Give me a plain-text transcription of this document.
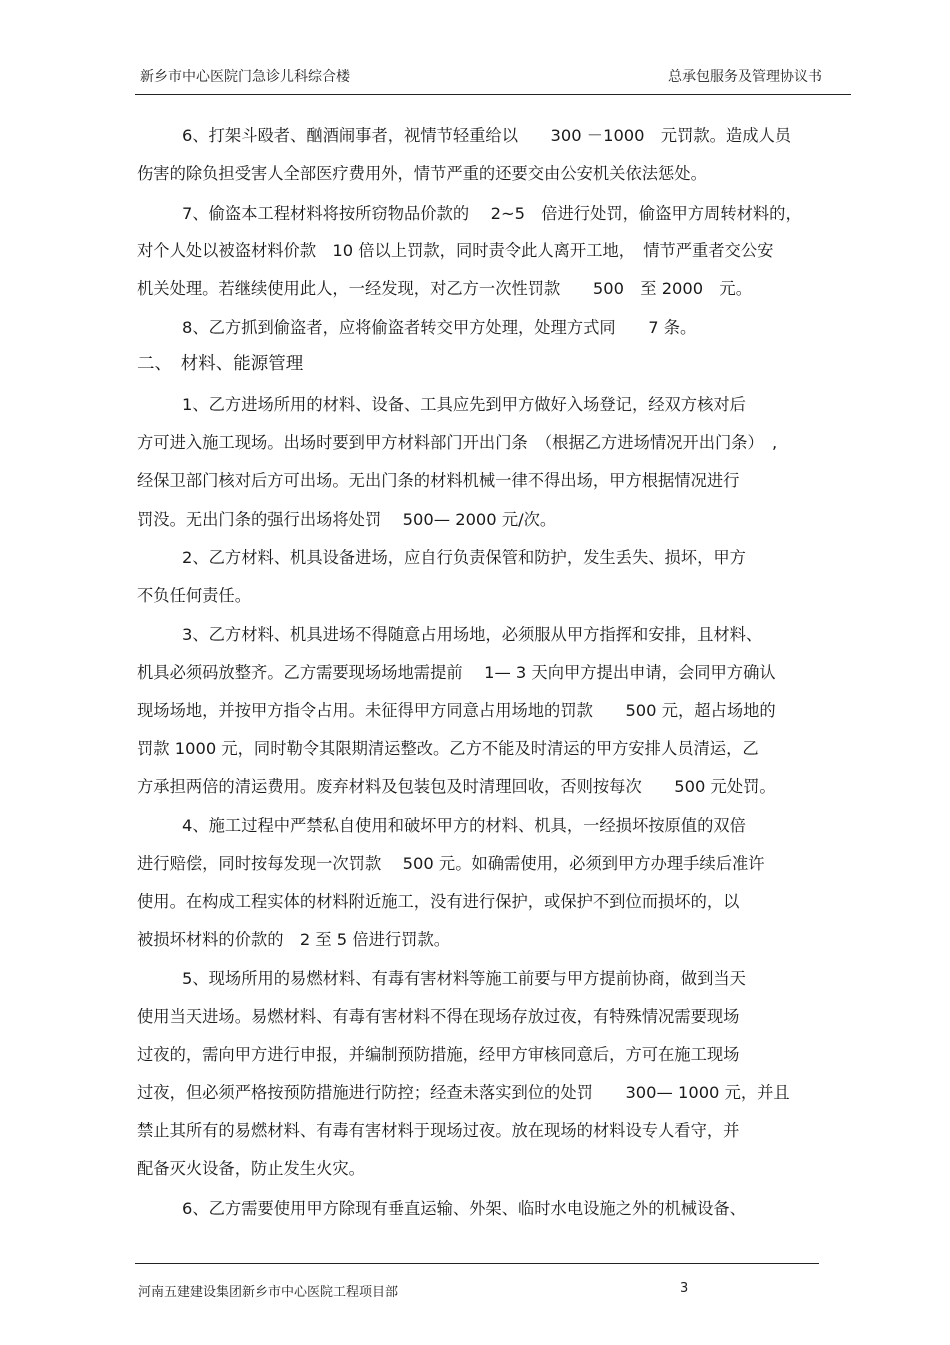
新乡市中心医院门急诊儿科综合楼	总承包服务及管理协议书

6、打架斗殴者、酗酒闹事者，视情节轻重给以　　300 －1000　元罚款。造成人员

伤害的除负担受害人全部医疗费用外，情节严重的还要交由公安机关依法惩处。

7、偷盗本工程材料将按所窃物品价款的　 2~5　倍进行处罚，偷盗甲方周转材料的，

对个人处以被盗材料价款　10 倍以上罚款，同时责令此人离开工地，　情节严重者交公安

机关处理。若继续使用此人，一经发现，对乙方一次性罚款　　500　至 2000　元。

8、乙方抓到偷盗者，应将偷盗者转交甲方处理，处理方式同　　7 条。

二、　材料、能源管理

1、乙方进场所用的材料、设备、工具应先到甲方做好入场登记，经双方核对后

方可进入施工现场。出场时要到甲方材料部门开出门条　（根据乙方进场情况开出门条）　,

经保卫部门核对后方可出场。无出门条的材料机械一律不得出场，甲方根据情况进行

罚没。无出门条的强行出场将处罚　 500— 2000 元/次。

2、乙方材料、机具设备进场，应自行负责保管和防护，发生丢失、损坏，甲方

不负任何责任。

3、乙方材料、机具进场不得随意占用场地，必须服从甲方指挥和安排，且材料、

机具必须码放整齐。乙方需要现场场地需提前　 1— 3 天向甲方提出申请，会同甲方确认

现场场地，并按甲方指令占用。未征得甲方同意占用场地的罚款　　500 元，超占场地的

罚款 1000 元，同时勒令其限期清运整改。乙方不能及时清运的甲方安排人员清运，乙

方承担两倍的清运费用。废弃材料及包装包及时清理回收，否则按每次　　500 元处罚。

4、施工过程中严禁私自使用和破坏甲方的材料、机具，一经损坏按原值的双倍

进行赔偿，同时按每发现一次罚款　 500 元。如确需使用，必须到甲方办理手续后准许

使用。在构成工程实体的材料附近施工，没有进行保护，或保护不到位而损坏的，以

被损坏材料的价款的　2 至 5 倍进行罚款。

5、现场所用的易燃材料、有毒有害材料等施工前要与甲方提前协商，做到当天

使用当天进场。易燃材料、有毒有害材料不得在现场存放过夜，有特殊情况需要现场

过夜的，需向甲方进行申报，并编制预防措施，经甲方审核同意后，方可在施工现场

过夜，但必须严格按预防措施进行防控；经查未落实到位的处罚　　300— 1000 元，并且

禁止其所有的易燃材料、有毒有害材料于现场过夜。放在现场的材料设专人看守，并

配备灭火设备，防止发生火灾。

6、乙方需要使用甲方除现有垂直运输、外架、临时水电设施之外的机械设备、

河南五建建设集团新乡市中心医院工程项目部	3
